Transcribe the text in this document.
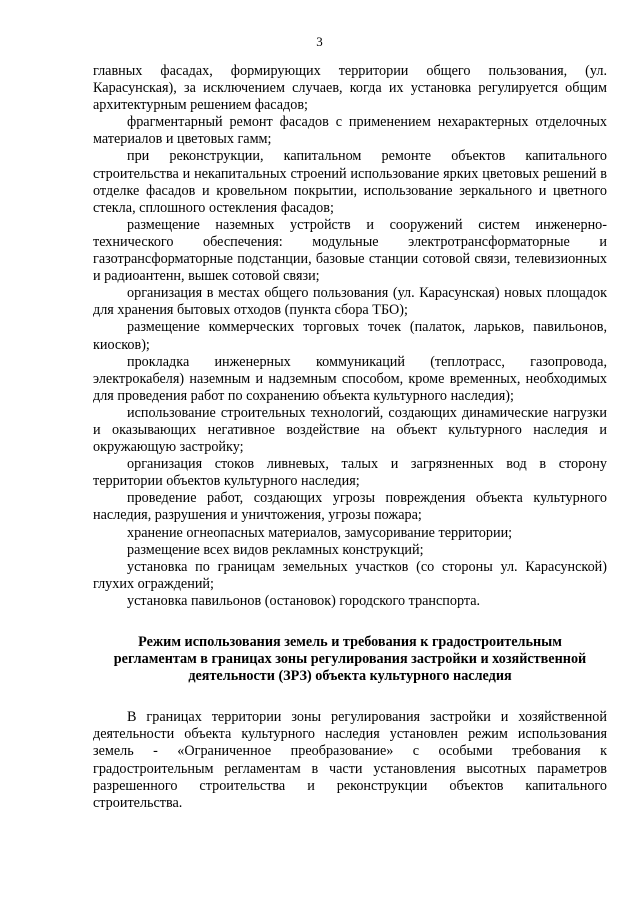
3

главных фасадах, формирующих территории общего пользования, (ул. Карасунская), за исключением случаев, когда их установка регулируется общим архитектурным решением фасадов;

фрагментарный ремонт фасадов с применением нехарактерных отделочных материалов и цветовых гамм;

при реконструкции, капитальном ремонте объектов капитального строительства и некапитальных строений использование ярких цветовых решений в отделке фасадов и кровельном покрытии, использование зеркального и цветного стекла, сплошного остекления фасадов;

размещение наземных устройств и сооружений систем инженерно-технического обеспечения: модульные электротрансформаторные и газотрансформаторные подстанции, базовые станции сотовой связи, телевизионных и радиоантенн, вышек сотовой связи;

организация в местах общего пользования (ул. Карасунская) новых площадок для хранения бытовых отходов (пункта сбора ТБО);

размещение коммерческих торговых точек (палаток, ларьков, павильонов, киосков);

прокладка инженерных коммуникаций (теплотрасс, газопровода, электрокабеля) наземным и надземным способом, кроме временных, необходимых для проведения работ по сохранению объекта культурного наследия);

использование строительных технологий, создающих динамические нагрузки и оказывающих негативное воздействие на объект культурного наследия и окружающую застройку;

организация стоков ливневых, талых и загрязненных вод в сторону территории объектов культурного наследия;

проведение работ, создающих угрозы повреждения объекта культурного наследия, разрушения и уничтожения, угрозы пожара;

хранение огнеопасных материалов, замусоривание территории;

размещение всех видов рекламных конструкций;

установка по границам земельных участков (со стороны ул. Карасунской) глухих ограждений;

установка павильонов (остановок) городского транспорта.

Режим использования земель и требования к градостроительным
регламентам в границах зоны регулирования застройки и хозяйственной
деятельности (ЗРЗ) объекта культурного наследия

В границах территории зоны регулирования застройки и хозяйственной деятельности объекта культурного наследия установлен режим использования земель - «Ограниченное преобразование» с особыми требования к градостроительным регламентам в части установления высотных параметров разрешенного строительства и реконструкции объектов капитального строительства.
